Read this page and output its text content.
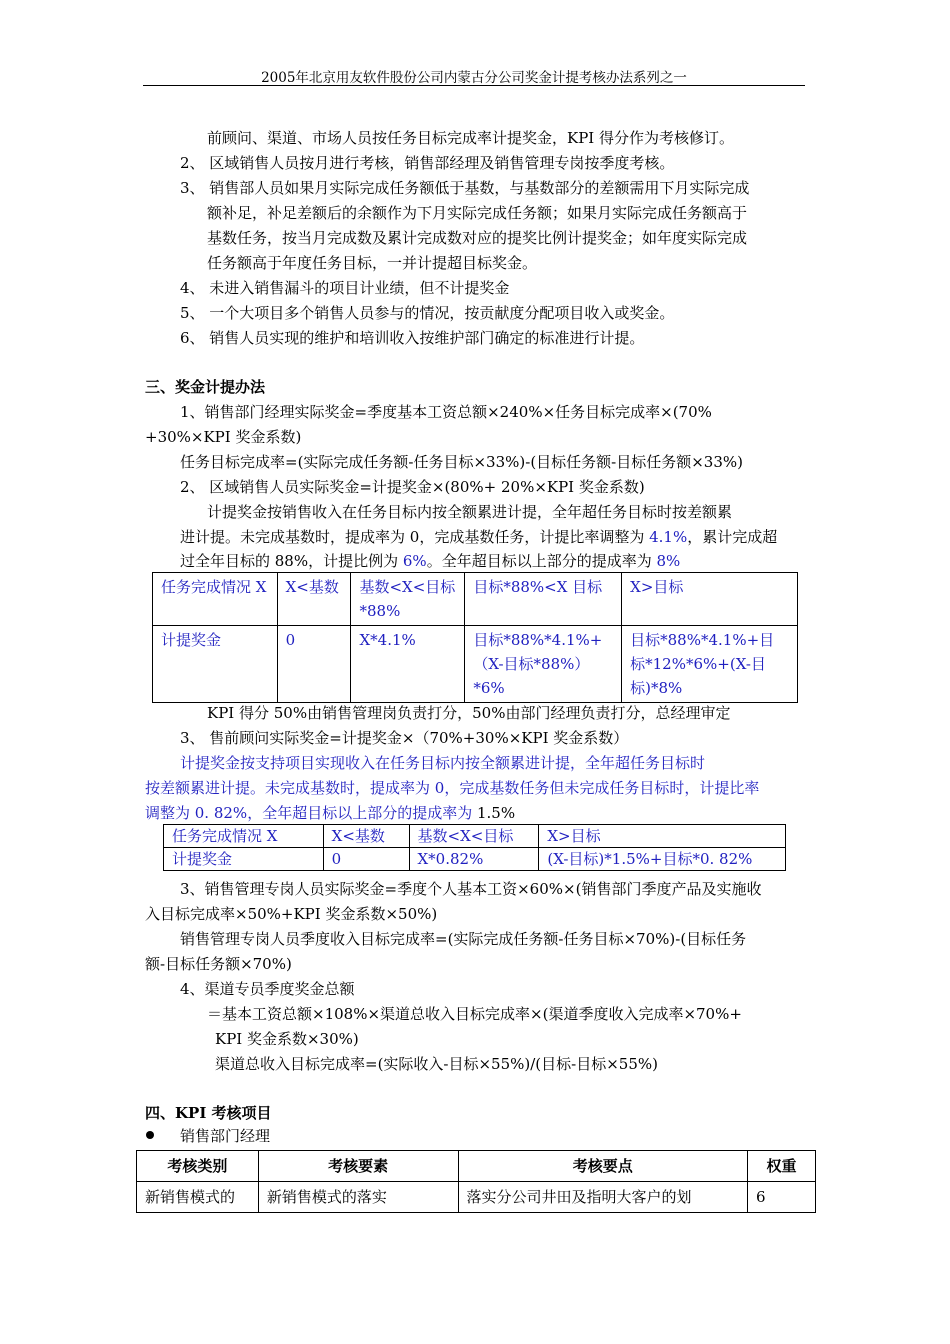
2005年北京用友软件股份公司内蒙古分公司奖金计提考核办法系列之一
前顾问、渠道、市场人员按任务目标完成率计提奖金，KPI 得分作为考核修订。
2、 区域销售人员按月进行考核，销售部经理及销售管理专岗按季度考核。
3、 销售部人员如果月实际完成任务额低于基数，与基数部分的差额需用下月实际完成
额补足，补足差额后的余额作为下月实际完成任务额；如果月实际完成任务额高于
基数任务，按当月完成数及累计完成数对应的提奖比例计提奖金；如年度实际完成
任务额高于年度任务目标，一并计提超目标奖金。
4、 未进入销售漏斗的项目计业绩，但不计提奖金
5、 一个大项目多个销售人员参与的情况，按贡献度分配项目收入或奖金。
6、 销售人员实现的维护和培训收入按维护部门确定的标准进行计提。
三、奖金计提办法
1、销售部门经理实际奖金=季度基本工资总额×240%×任务目标完成率×(70%
+30%×KPI 奖金系数)
任务目标完成率=(实际完成任务额-任务目标×33%)-(目标任务额-目标任务额×33%)
2、 区域销售人员实际奖金=计提奖金×(80%+ 20%×KPI 奖金系数)
计提奖金按销售收入在任务目标内按全额累进计提，全年超任务目标时按差额累
进计提。未完成基数时，提成率为 0，完成基数任务，计提比率调整为 4.1%，累计完成超
过全年目标的 88%，计提比例为 6%。全年超目标以上部分的提成率为 8%
任务完成情况 X	X<基数	基数<X<目标*88%	目标*88%<X 目标	X>目标
计提奖金	0	X*4.1%	目标*88%*4.1%+（X-目标*88%）*6%	目标*88%*4.1%+目标*12%*6%+(X-目标)*8%
KPI 得分 50%由销售管理岗负责打分，50%由部门经理负责打分，总经理审定
3、 售前顾问实际奖金=计提奖金×（70%+30%×KPI 奖金系数）
计提奖金按支持项目实现收入在任务目标内按全额累进计提，全年超任务目标时
按差额累进计提。未完成基数时，提成率为 0，完成基数任务但未完成任务目标时，计提比率
调整为 0. 82%，全年超目标以上部分的提成率为 1.5%
任务完成情况 X	X<基数	基数<X<目标	X>目标
计提奖金	0	X*0.82%	(X-目标)*1.5%+目标*0. 82%
3、销售管理专岗人员实际奖金=季度个人基本工资×60%×(销售部门季度产品及实施收
入目标完成率×50%+KPI 奖金系数×50%)
销售管理专岗人员季度收入目标完成率=(实际完成任务额-任务目标×70%)-(目标任务
额-目标任务额×70%)
4、渠道专员季度奖金总额
＝基本工资总额×108%×渠道总收入目标完成率×(渠道季度收入完成率×70%+
KPI 奖金系数×30%)
渠道总收入目标完成率=(实际收入-目标×55%)/(目标-目标×55%)
四、KPI 考核项目
销售部门经理
考核类别	考核要素	考核要点	权重
新销售模式的	新销售模式的落实	落实分公司井田及指明大客户的划	6
